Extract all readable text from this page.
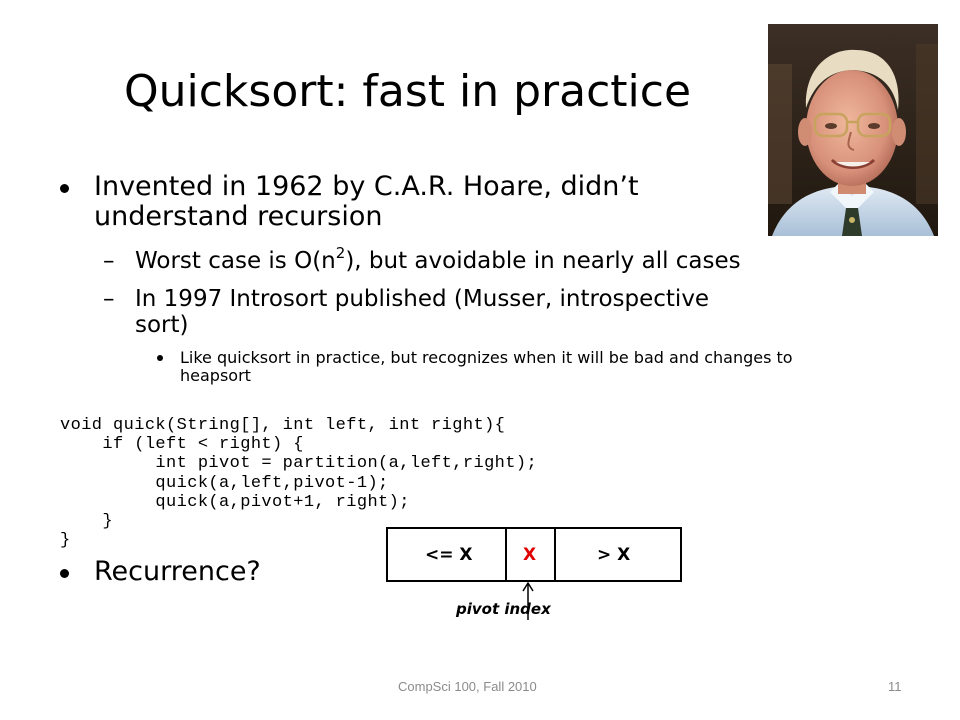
Quicksort: fast in practice
Invented in 1962 by C.A.R. Hoare, didn’t
understand recursion
– Worst case is $O(n^2)$, but avoidable in nearly all cases
– In 1997 Introsort published (Musser, introspective
sort)
Like quicksort in practice, but recognizes when it will be bad and changes to
heapsort
void quick(String[], int left, int right){
if (left < right) {
int pivot = partition(a,left,right);
quick(a,left,pivot-1);
quick(a,pivot+1, right);
}
}
Recurrence?
<= X	X	> X
pivot index
CompSci 100, Fall 2010	11
